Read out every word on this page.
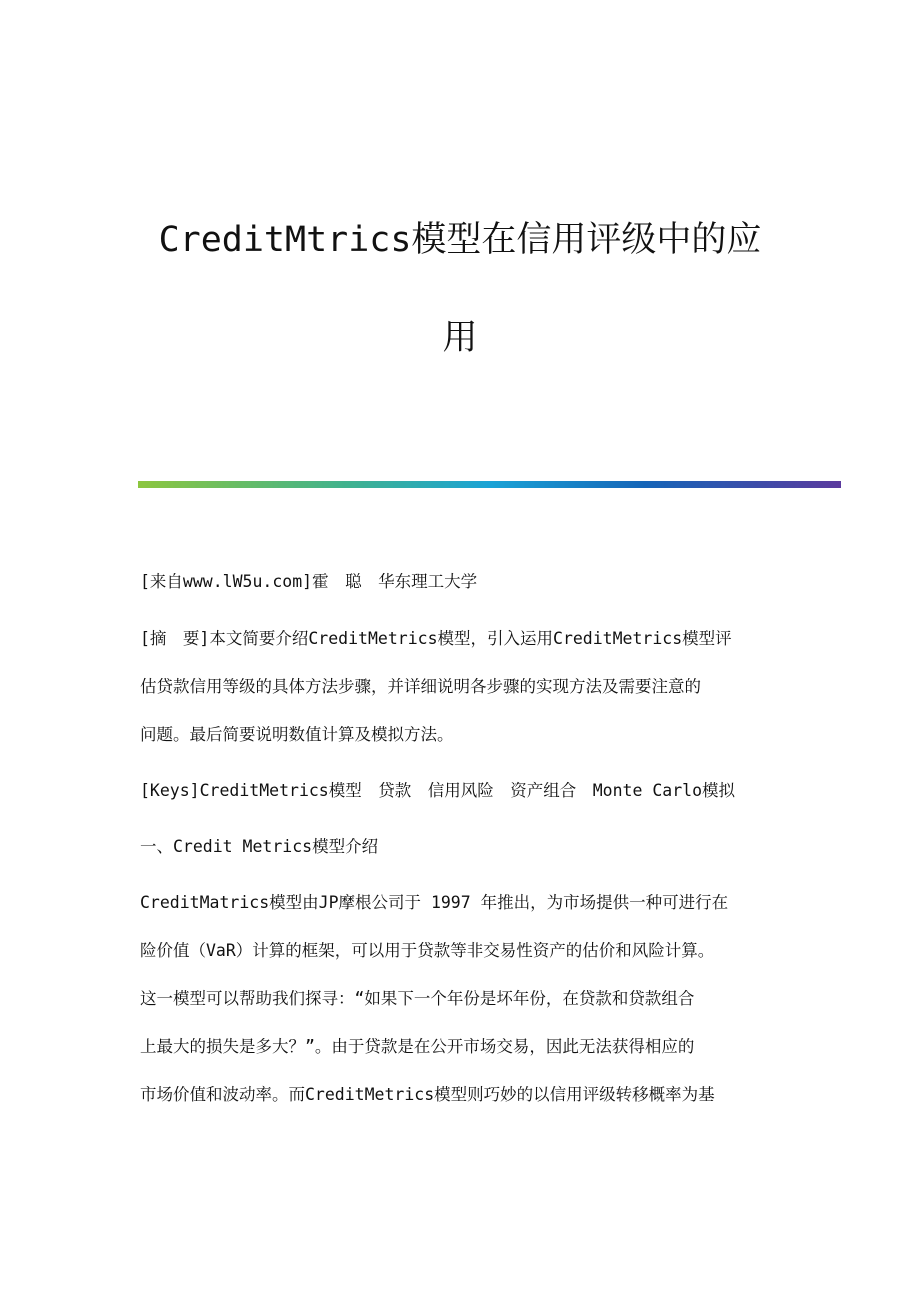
CreditMtrics模型在信用评级中的应
用
[来自www.lW5u.com]霍　聪　华东理工大学
[摘　要]本文简要介绍CreditMetrics模型，引入运用CreditMetrics模型评
估贷款信用等级的具体方法步骤，并详细说明各步骤的实现方法及需要注意的
问题。最后简要说明数值计算及模拟方法。
[Keys]CreditMetrics模型　贷款　信用风险　资产组合　Monte Carlo模拟
一、Credit Metrics模型介绍
CreditMatrics模型由JP摩根公司于 1997 年推出，为市场提供一种可进行在
险价值（VaR）计算的框架，可以用于贷款等非交易性资产的估价和风险计算。
这一模型可以帮助我们探寻：“如果下一个年份是坏年份，在贷款和贷款组合
上最大的损失是多大？”。由于贷款是在公开市场交易，因此无法获得相应的
市场价值和波动率。而CreditMetrics模型则巧妙的以信用评级转移概率为基
